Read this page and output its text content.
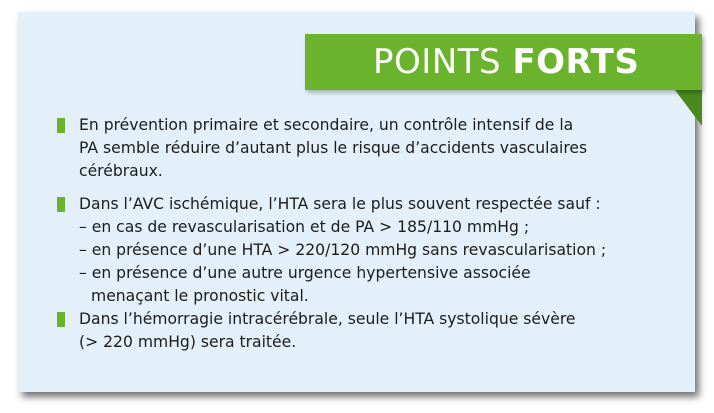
POINTS FORTS
En prévention primaire et secondaire, un contrôle intensif de la
PA semble réduire d’autant plus le risque d’accidents vasculaires
cérébraux.
Dans l’AVC ischémique, l’HTA sera le plus souvent respectée sauf :
– en cas de revascularisation et de PA > 185/110 mmHg ;
– en présence d’une HTA > 220/120 mmHg sans revascularisation ;
– en présence d’une autre urgence hypertensive associée
menaçant le pronostic vital.
Dans l’hémorragie intracérébrale, seule l’HTA systolique sévère
(> 220 mmHg) sera traitée.
